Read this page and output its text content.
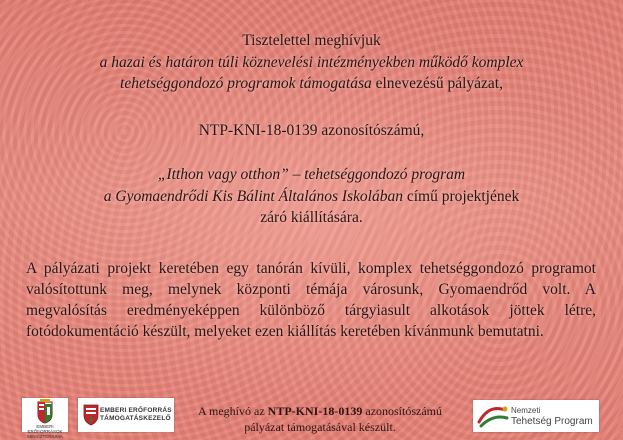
Tisztelettel meghívjuk
a hazai és határon túli köznevelési intézményekben működő komplex
tehetséggondozó programok támogatása elnevezésű pályázat,
NTP-KNI-18-0139 azonosítószámú,
„Itthon vagy otthon” – tehetséggondozó program
a Gyomaendrődi Kis Bálint Általános Iskolában című projektjének
záró kiállítására.
A pályázati projekt keretében egy tanórán kívüli, komplex tehetséggondozó programot
valósítottunk meg, melynek központi témája városunk, Gyomaendrőd volt. A
megvalósítás eredményeképpen különböző tárgyiasult alkotások jöttek létre,
fotódokumentáció készült, melyeket ezen kiállítás keretében kívánmunk bemutatni.
EMBERI ERŐFORRÁSOK MINISZTÉRIUMA
EMBERI ERŐFORRÁS
TÁMOGATÁSKEZELŐ
A meghívó az NTP-KNI-18-0139 azonosítószámú
pályázat támogatásával készült.
Nemzeti
Tehetség Program
